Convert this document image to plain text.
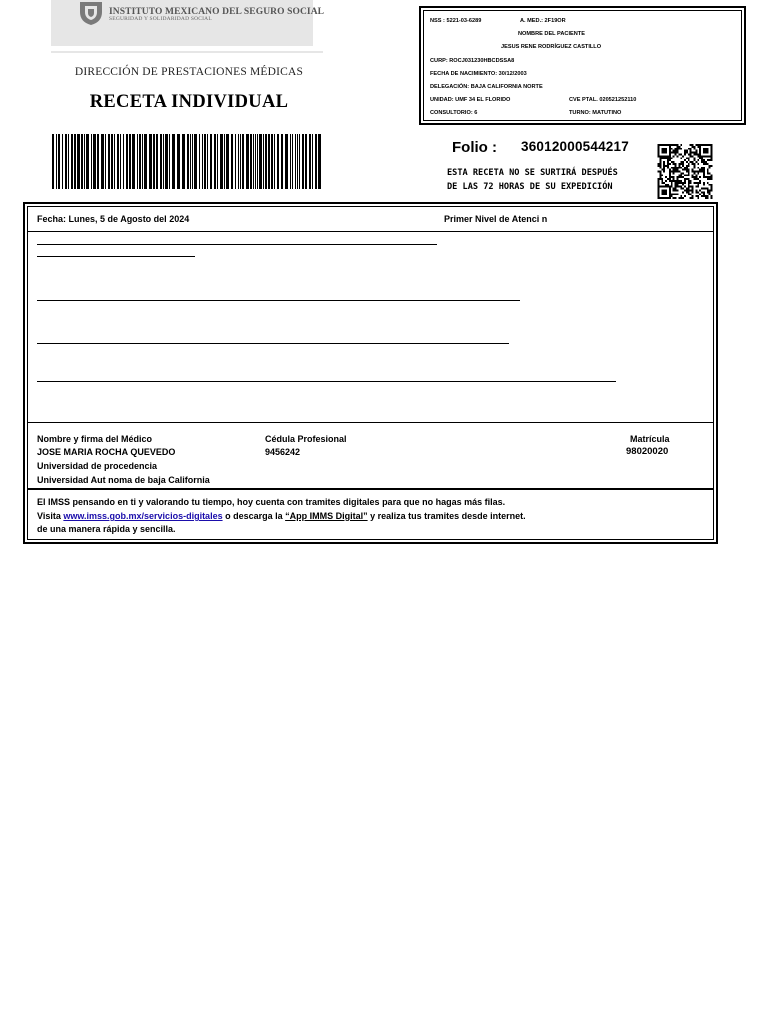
INSTITUTO MEXICANO DEL SEGURO SOCIAL
SEGURIDAD Y SOLIDARIDAD SOCIAL
DIRECCIÓN DE PRESTACIONES MÉDICAS
RECETA INDIVIDUAL
NSS : 5221-03-6289	A. MED.: 2F19OR
NOMBRE DEL PACIENTE
JESUS RENE RODRÍGUEZ CASTILLO
CURP: ROCJ031230HBCDSSA8
FECHA DE NACIMIENTO: 30/12/2003
DELEGACIÓN: BAJA CALIFORNIA NORTE
UNIDAD: UMF 34 EL FLORIDO	CVE PTAL. 020521252110
CONSULTORIO: 6	TURNO: MATUTINO
Folio : 36012000544217
ESTA RECETA NO SE SURTIRÁ DESPUÉS
DE LAS 72 HORAS DE SU EXPEDICIÓN
Fecha: Lunes, 5 de Agosto del 2024	Primer Nivel de Atenci n
Nombre y firma del Médico
JOSE MARIA ROCHA QUEVEDO
Universidad de procedencia
Universidad Aut noma de baja California
Cédula Profesional
9456242
Matrícula
98020020
El IMSS pensando en ti y valorando tu tiempo, hoy cuenta con tramites digitales para que no hagas más filas.
Visita www.imss.gob.mx/servicios-digitales o descarga la “App IMMS Digital” y realiza tus tramites desde internet.
de una manera rápida y sencilla.
